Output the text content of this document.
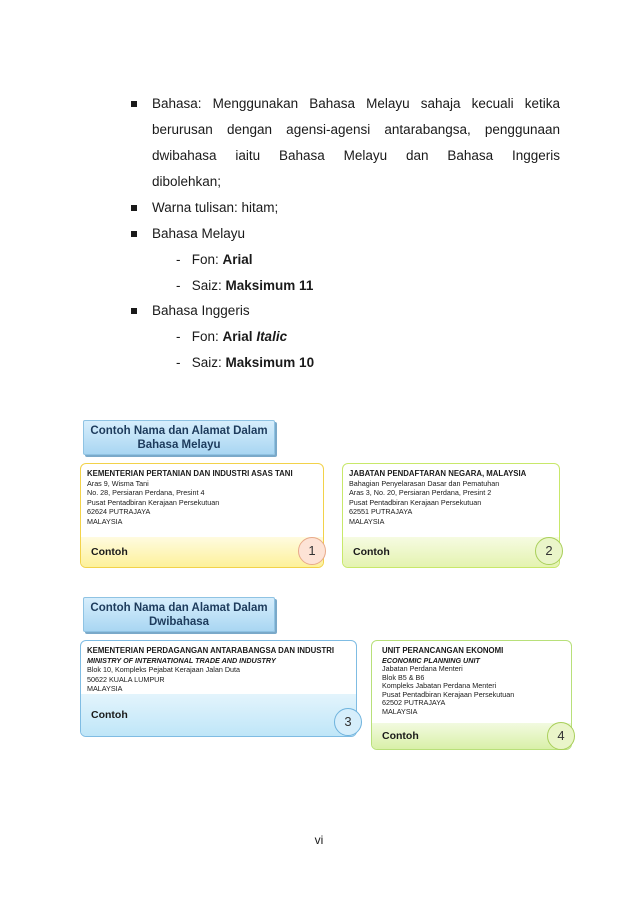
Bahasa: Menggunakan Bahasa Melayu sahaja kecuali ketika
berurusan dengan agensi-agensi antarabangsa, penggunaan
dwibahasa iaitu Bahasa Melayu dan Bahasa Inggeris
dibolehkan;
Warna tulisan: hitam;
Bahasa Melayu
- Fon: Arial
- Saiz: Maksimum 11
Bahasa Inggeris
- Fon: Arial Italic
- Saiz: Maksimum 10
Contoh Nama dan Alamat Dalam
Bahasa Melayu
KEMENTERIAN PERTANIAN DAN INDUSTRI ASAS TANI
Aras 9, Wisma Tani
No. 28, Persiaran Perdana, Presint 4
Pusat Pentadbiran Kerajaan Persekutuan
62624 PUTRAJAYA
MALAYSIA
Contoh	1
JABATAN PENDAFTARAN NEGARA, MALAYSIA
Bahagian Penyelarasan Dasar dan Pematuhan
Aras 3, No. 20, Persiaran Perdana, Presint 2
Pusat Pentadbiran Kerajaan Persekutuan
62551 PUTRAJAYA
MALAYSIA
Contoh	2
Contoh Nama dan Alamat Dalam
Dwibahasa
KEMENTERIAN PERDAGANGAN ANTARABANGSA DAN INDUSTRI
MINISTRY OF INTERNATIONAL TRADE AND INDUSTRY
Blok 10, Kompleks Pejabat Kerajaan Jalan Duta
50622 KUALA LUMPUR
MALAYSIA
Contoh	3
UNIT PERANCANGAN EKONOMI
ECONOMIC PLANNING UNIT
Jabatan Perdana Menteri
Blok B5 & B6
Kompleks Jabatan Perdana Menteri
Pusat Pentadbiran Kerajaan Persekutuan
62502 PUTRAJAYA
MALAYSIA
Contoh	4
vi
